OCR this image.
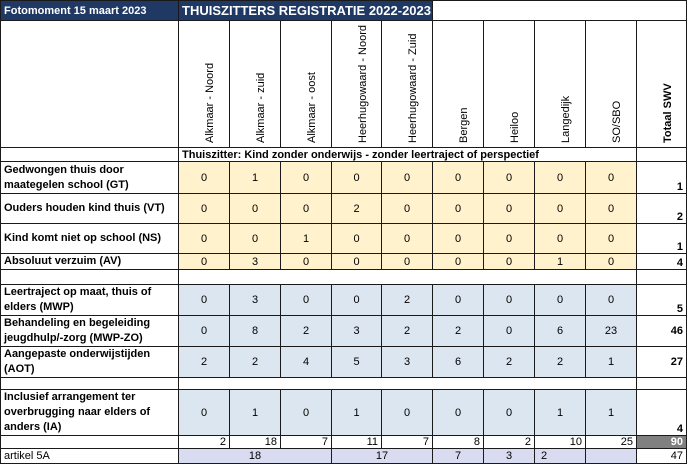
Fotomoment 15 maart 2023	THUISZITTERS REGISTRATIE 2022-2023									

	Alkmaar - Noord	Alkmaar - zuid	Alkmaar - oost	Heerhugowaard - Noord	Heerhugowaard - Zuid	Bergen	Heiloo	Langedijk	SO/SBO	Totaal SWV

	Thuiszitter: Kind zonder onderwijs - zonder leertraject of perspectief									
Gedwongen thuis door maategelen school (GT)	0	1	0	0	0	0	0	0	0	1
Ouders houden kind thuis (VT)	0	0	0	2	0	0	0	0	0	2
Kind komt niet op school (NS)	0	0	1	0	0	0	0	0	0	1
Absoluut verzuim (AV)	0	3	0	0	0	0	0	1	0	4

Leertraject op maat, thuis of elders (MWP)	0	3	0	0	2	0	0	0	0	5
Behandeling en begeleiding jeugdhulp/-zorg (MWP-ZO)	0	8	2	3	2	2	0	6	23	46
Aangepaste onderwijstijden (AOT)	2	2	4	5	3	6	2	2	1	27

Inclusief arrangement ter overbrugging naar elders of anders (IA)	0	1	0	1	0	0	0	1	1	4
	2	18	7	11	7	8	2	10	25	90
artikel 5A	18			17		7	3	2		47
